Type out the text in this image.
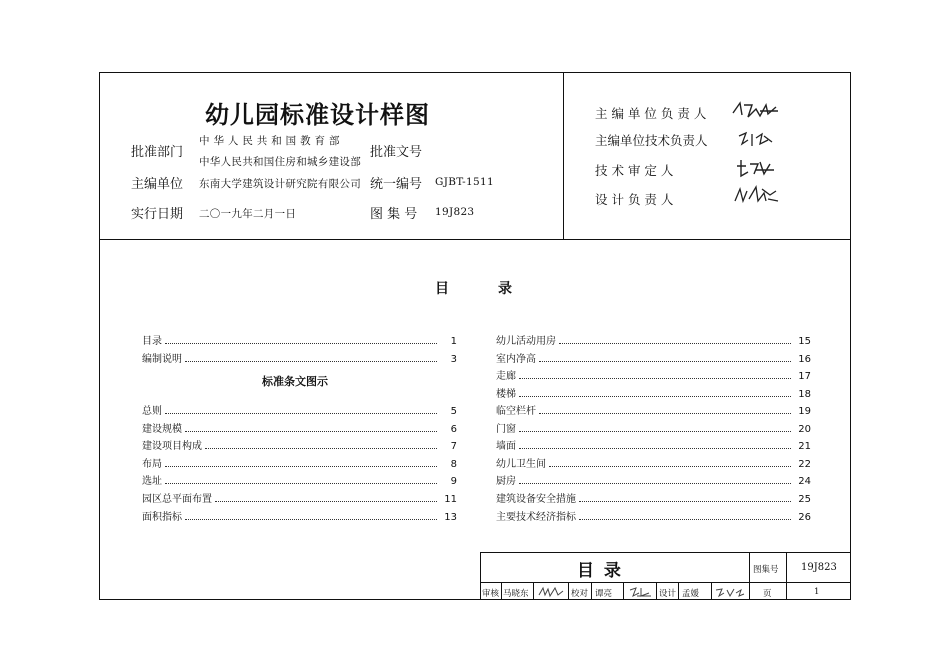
幼儿园标准设计样图
批准部门
中 华 人 民 共 和 国 教 育 部
中华人民共和国住房和城乡建设部
批准文号
主编单位 东南大学建筑设计研究院有限公司 统一编号 GJBT-1511
实行日期 二〇一九年二月一日	图 集 号 19J823
主 编 单 位 负 责 人
主编单位技术负责人
技 术 审 定 人
设 计 负 责 人
目	录
目录	1
编制说明	3
标准条文图示
总则	5
建设规模	6
建设项目构成	7
布局	8
选址	9
园区总平面布置	11
面积指标	13
幼儿活动用房	15
室内净高	16
走廊	17
楼梯	18
临空栏杆	19
门窗	20
墙面	21
幼儿卫生间	22
厨房	24
建筑设备安全措施	25
主要技术经济指标	26
目 录	图集号 19J823
审核 马晓东	校对 谭亮	设计 孟媛	页	1
